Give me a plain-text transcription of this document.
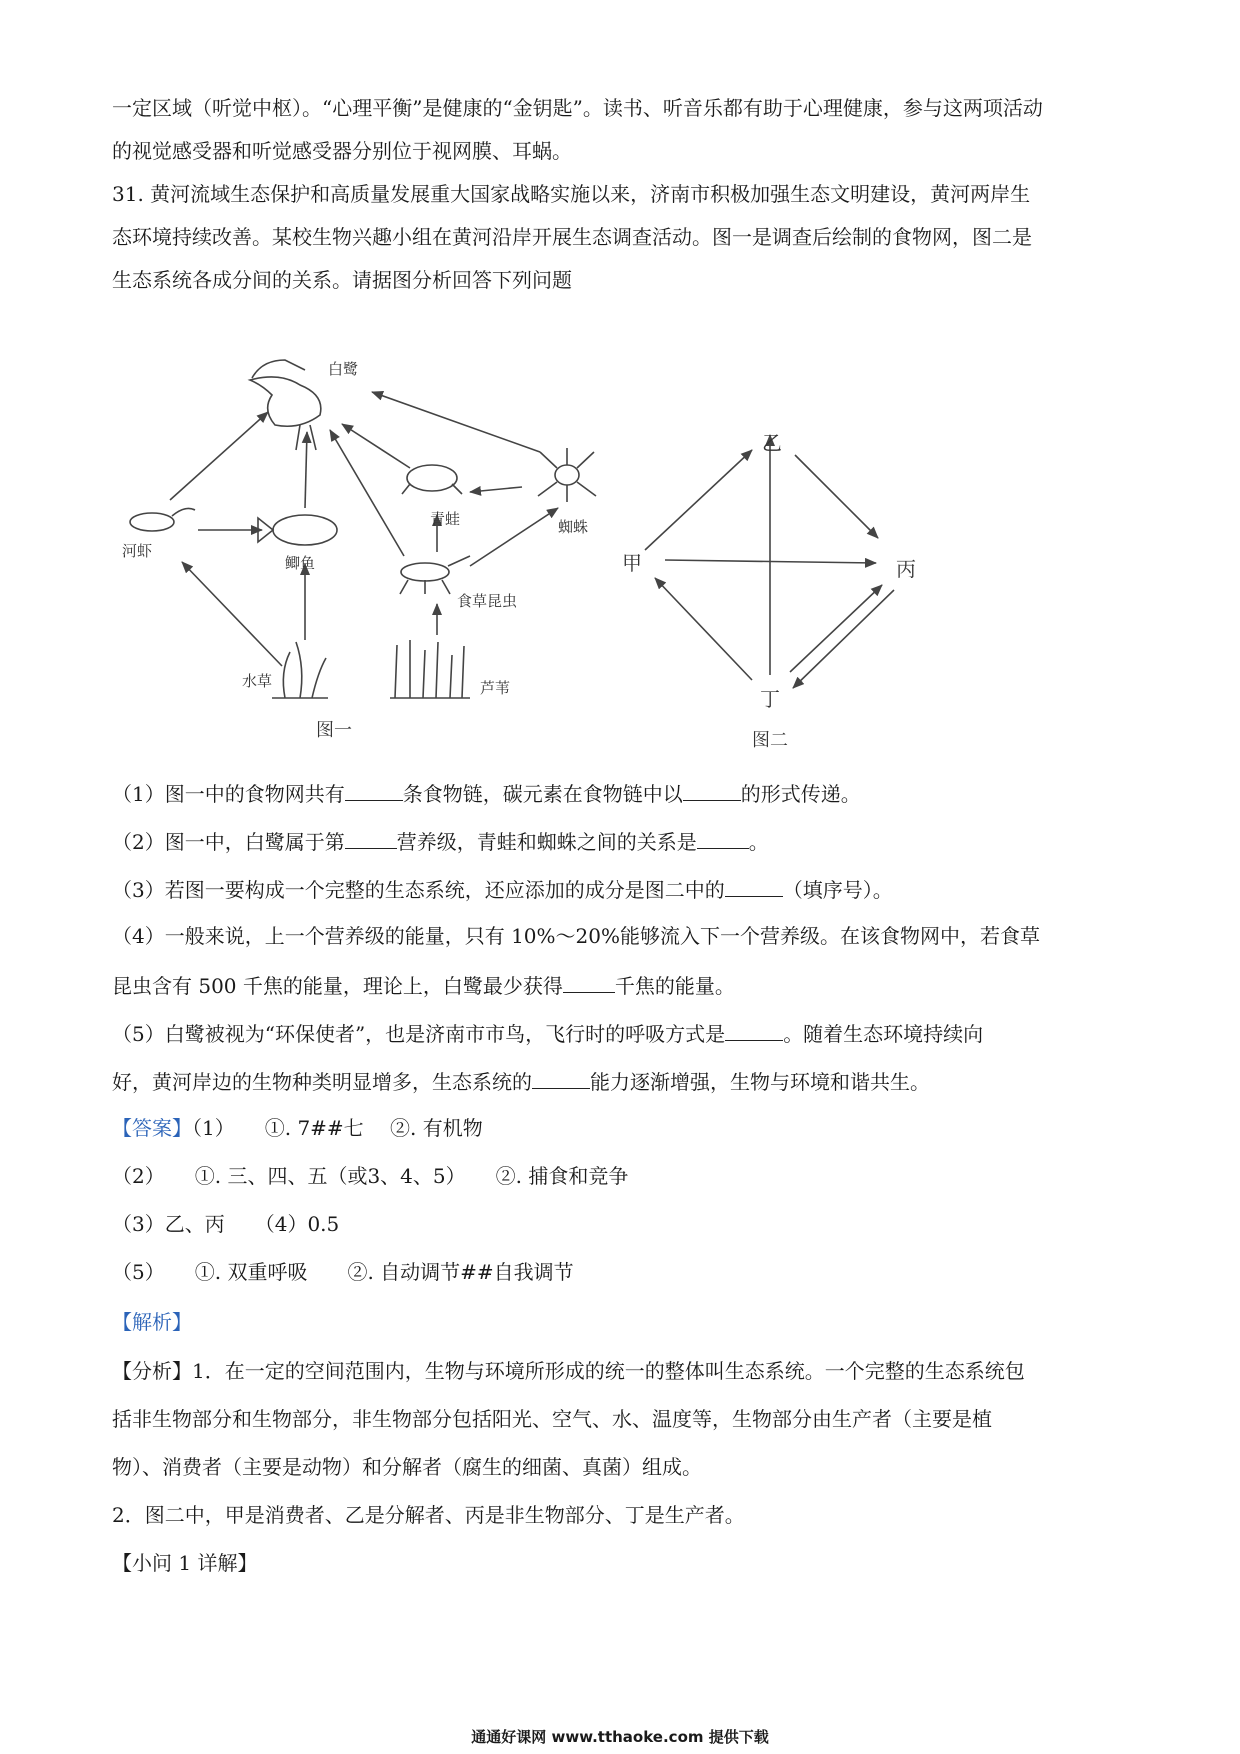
一定区域（听觉中枢）。“心理平衡”是健康的“金钥匙”。读书、听音乐都有助于心理健康，参与这两项活动
的视觉感受器和听觉感受器分别位于视网膜、耳蜗。
31. 黄河流域生态保护和高质量发展重大国家战略实施以来，济南市积极加强生态文明建设，黄河两岸生
态环境持续改善。某校生物兴趣小组在黄河沿岸开展生态调查活动。图一是调查后绘制的食物网，图二是
生态系统各成分间的关系。请据图分析回答下列问题
白鹭
河虾
鲫鱼
青蛙	蜘蛛
食草昆虫
水草	芦苇
图一
甲
乙
丙
丁
图二
（1）图一中的食物网共有	条食物链，碳元素在食物链中以	的形式传递。
（2）图一中，白鹭属于第	营养级，青蛙和蜘蛛之间的关系是	。
（3）若图一要构成一个完整的生态系统，还应添加的成分是图二中的	（填序号）。
（4）一般来说，上一个营养级的能量，只有 10%～20%能够流入下一个营养级。在该食物网中，若食草
昆虫含有 500 千焦的能量，理论上，白鹭最少获得	千焦的能量。
（5）白鹭被视为“环保使者”，也是济南市市鸟，飞行时的呼吸方式是	。随着生态环境持续向
好，黄河岸边的生物种类明显增多，生态系统的	能力逐渐增强，生物与环境和谐共生。
【答案】（1）　　①. 7##七　 ②. 有机物
（2）　　①. 三、四、五（或3、4、5）　　②. 捕食和竞争
（3）乙、丙　　（4）0.5
（5）　　①. 双重呼吸　　②. 自动调节##自我调节
【解析】
【分析】1．在一定的空间范围内，生物与环境所形成的统一的整体叫生态系统。一个完整的生态系统包
括非生物部分和生物部分，非生物部分包括阳光、空气、水、温度等，生物部分由生产者（主要是植
物）、消费者（主要是动物）和分解者（腐生的细菌、真菌）组成。
2．图二中，甲是消费者、乙是分解者、丙是非生物部分、丁是生产者。
【小问 1 详解】
通通好课网 www.tthaoke.com 提供下载
